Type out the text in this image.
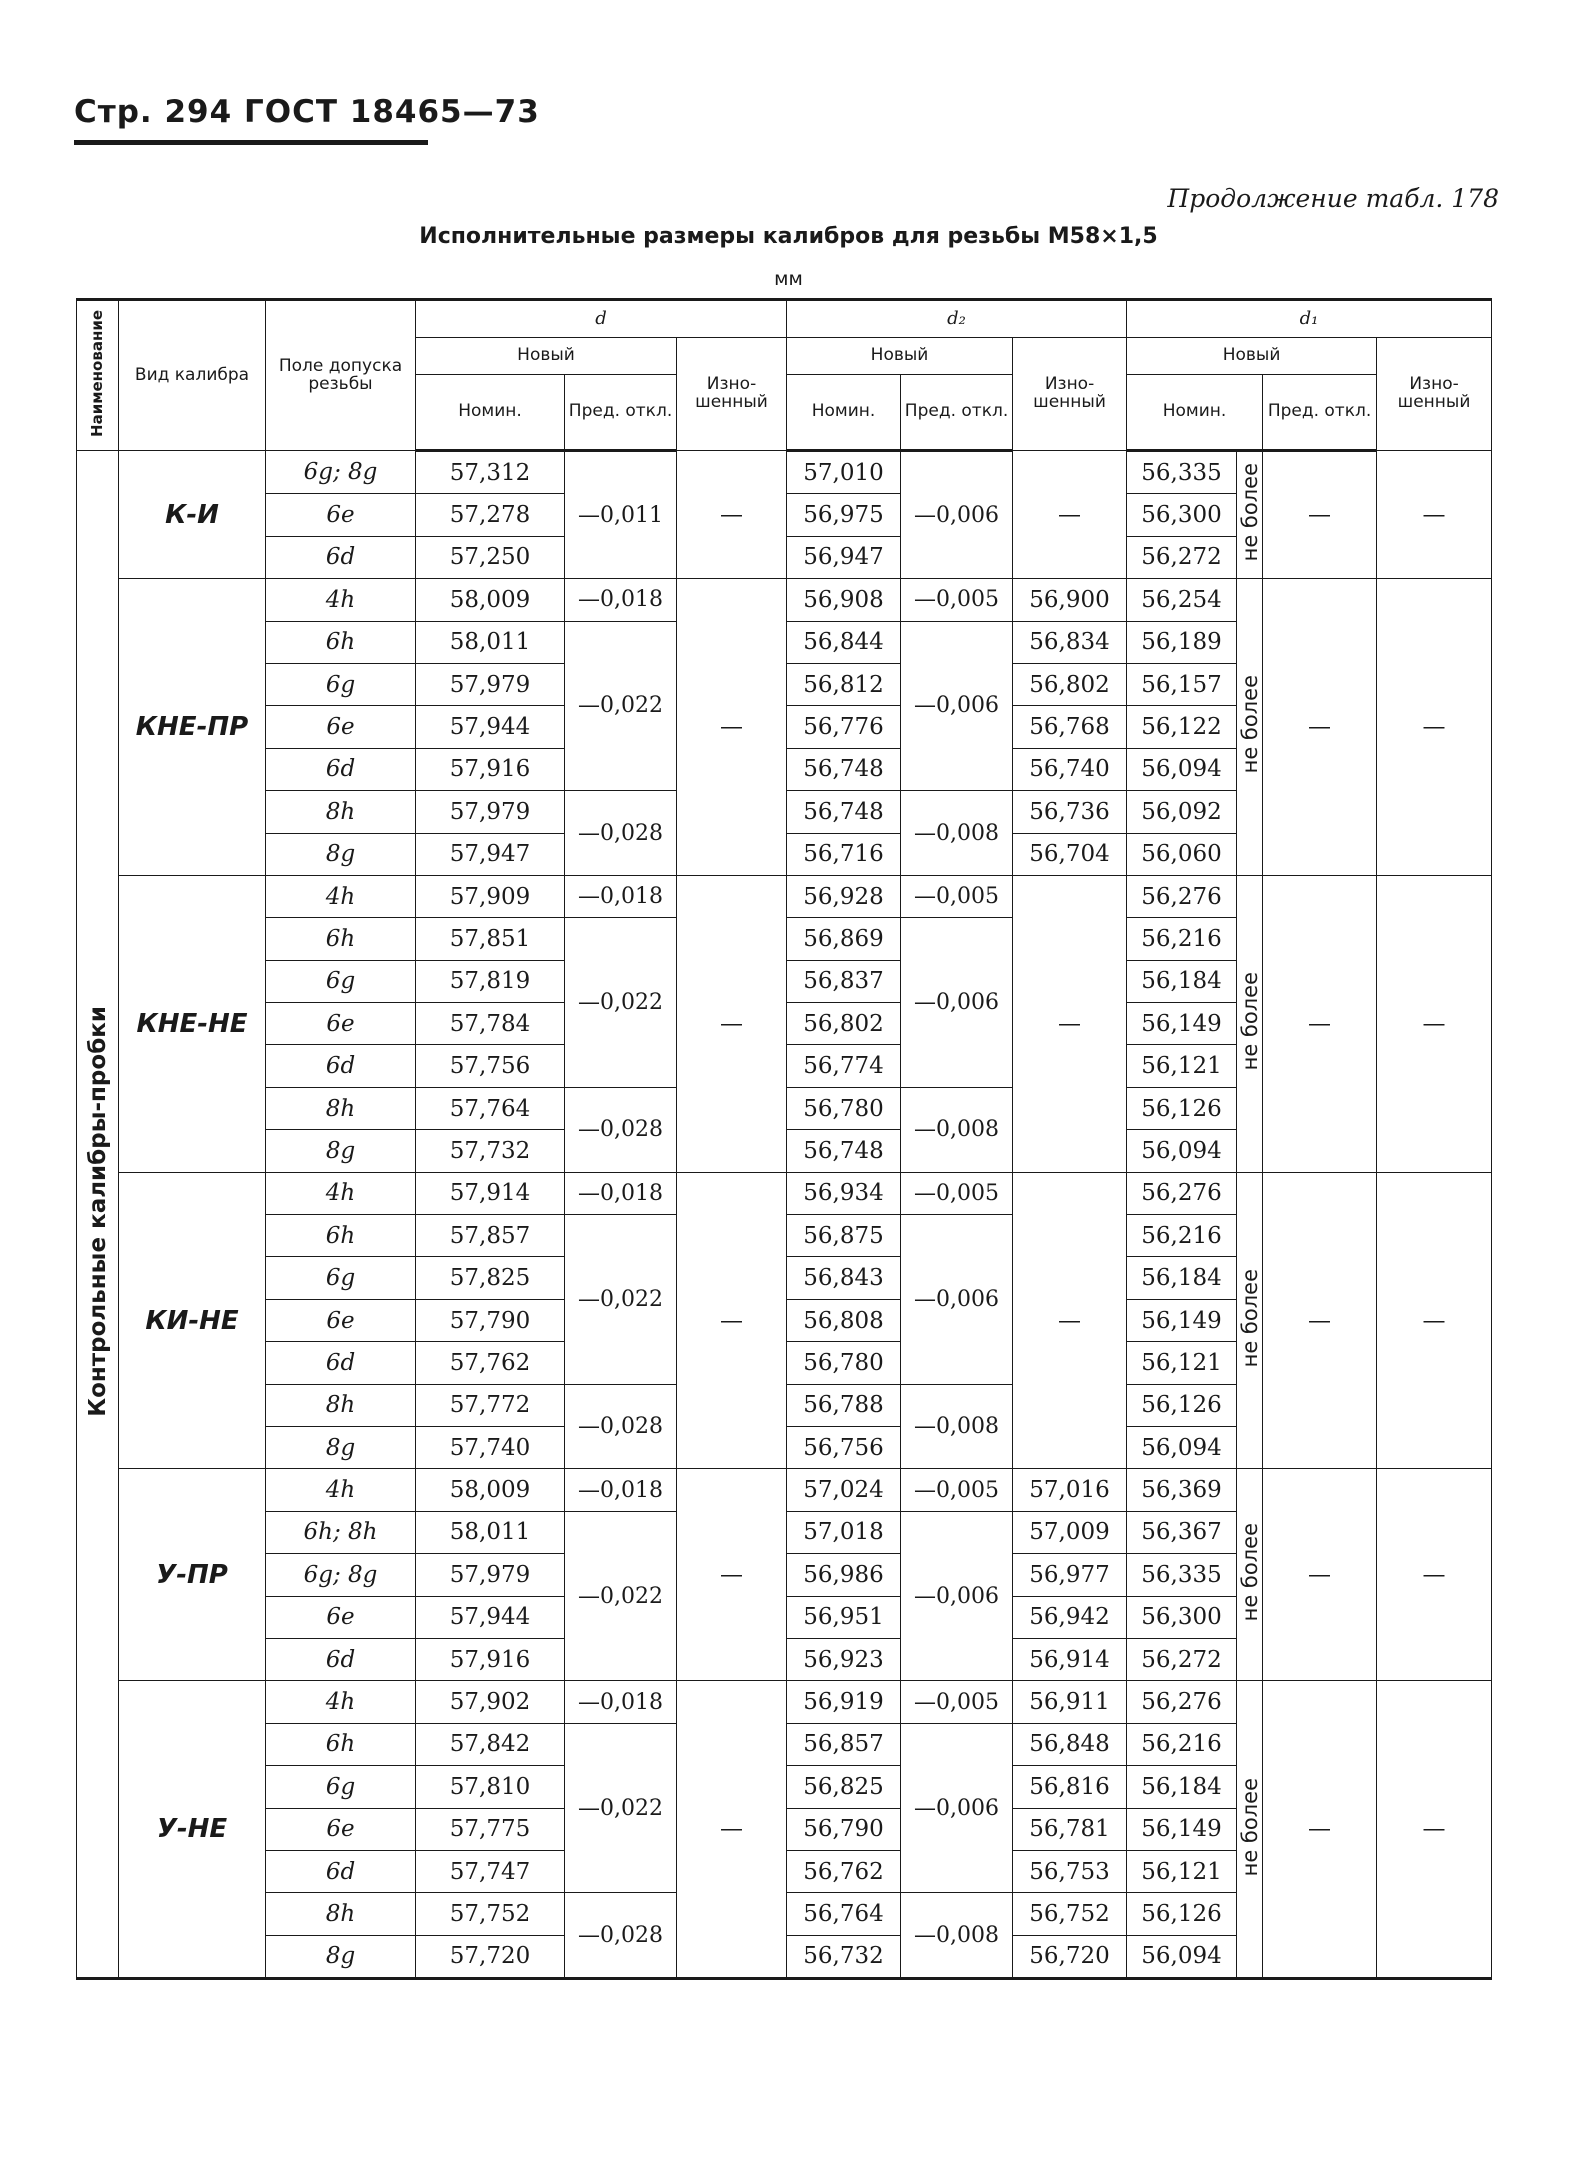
Стр. 294 ГОСТ 18465—73
Продолжение табл. 178
Исполнительные размеры калибров для резьбы М58×1,5
мм
Наименование	Вид калибра	Поле допуска резьбы	d			d₂			d₁			
			Новый		Изно-шенный	Новый		Изно-шенный	Новый			Изно-шенный
			Номин.	Пред. откл.		Номин.	Пред. откл.		Номин.		Пред. откл.	
Контрольные калибры-пробки	К-И	6g; 8g	57,312	—0,011	—	57,010	—0,006	—	56,335	не более	—	—
		6e	57,278			56,975			56,300			
		6d	57,250			56,947			56,272			
	КНЕ-ПР	4h	58,009	—0,018	—	56,908	—0,005	56,900	56,254	не более	—	—
		6h	58,011	—0,022		56,844	—0,006	56,834	56,189			
		6g	57,979			56,812		56,802	56,157			
		6e	57,944			56,776		56,768	56,122			
		6d	57,916			56,748		56,740	56,094			
		8h	57,979	—0,028		56,748	—0,008	56,736	56,092			
		8g	57,947			56,716		56,704	56,060			
	КНЕ-НЕ	4h	57,909	—0,018	—	56,928	—0,005	—	56,276	не более	—	—
		6h	57,851	—0,022		56,869	—0,006		56,216			
		6g	57,819			56,837			56,184			
		6e	57,784			56,802			56,149			
		6d	57,756			56,774			56,121			
		8h	57,764	—0,028		56,780	—0,008		56,126			
		8g	57,732			56,748			56,094			
	КИ-НЕ	4h	57,914	—0,018	—	56,934	—0,005	—	56,276	не более	—	—
		6h	57,857	—0,022		56,875	—0,006		56,216			
		6g	57,825			56,843			56,184			
		6e	57,790			56,808			56,149			
		6d	57,762			56,780			56,121			
		8h	57,772	—0,028		56,788	—0,008		56,126			
		8g	57,740			56,756			56,094			
	У-ПР	4h	58,009	—0,018	—	57,024	—0,005	57,016	56,369	не более	—	—
		6h; 8h	58,011	—0,022		57,018	—0,006	57,009	56,367			
		6g; 8g	57,979			56,986		56,977	56,335			
		6e	57,944			56,951		56,942	56,300			
		6d	57,916			56,923		56,914	56,272			
	У-НЕ	4h	57,902	—0,018	—	56,919	—0,005	56,911	56,276	не более	—	—
		6h	57,842	—0,022		56,857	—0,006	56,848	56,216			
		6g	57,810			56,825		56,816	56,184			
		6e	57,775			56,790		56,781	56,149			
		6d	57,747			56,762		56,753	56,121			
		8h	57,752	—0,028		56,764	—0,008	56,752	56,126			
		8g	57,720			56,732		56,720	56,094			
